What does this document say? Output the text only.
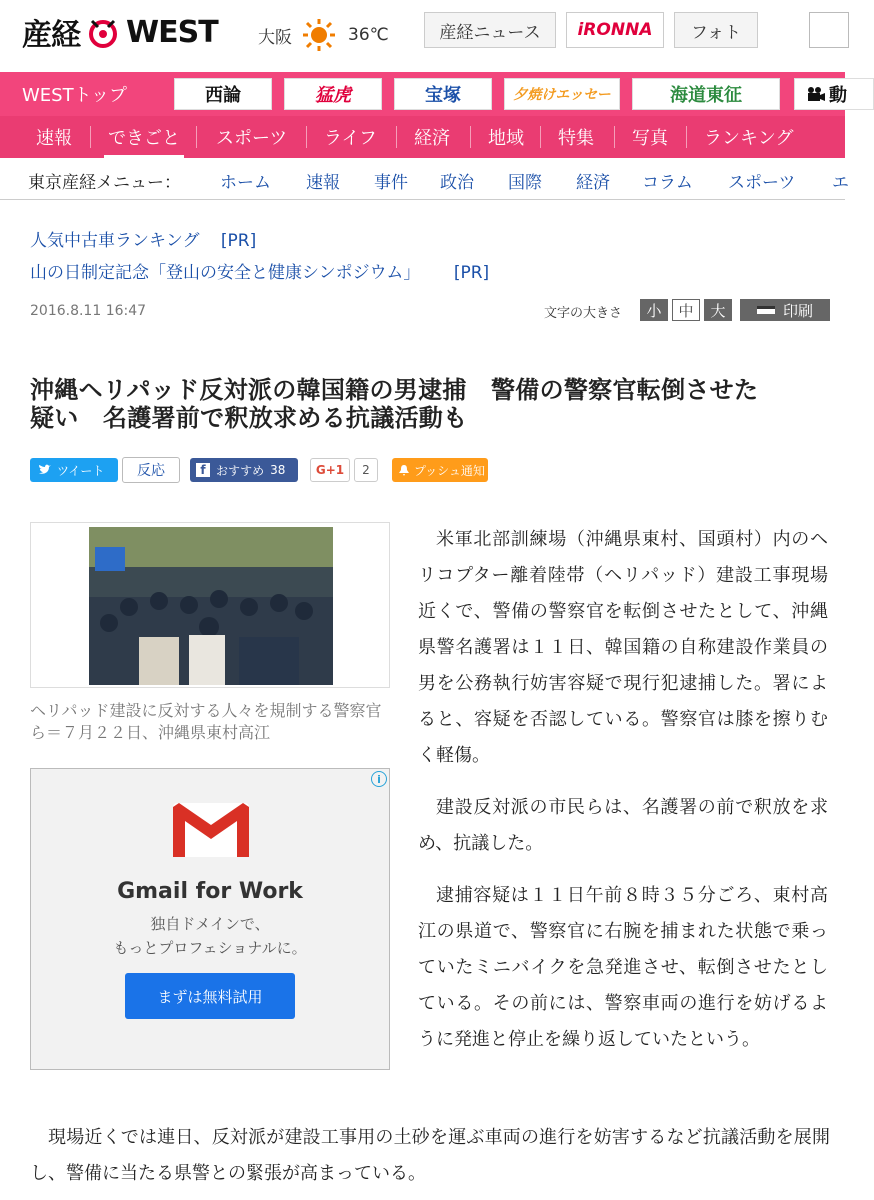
産経 WEST 大阪	36℃	産経ニュース	iRONNA	フォト
WESTトップ	西論	猛虎	宝塚	夕焼けエッセー	海道東征	動
速報 できごと スポーツ ライフ 経済 地域 特集 写真 ランキング
東京産経メニュー： ホーム 速報 事件 政治 国際 経済 コラム スポーツ エ
人気中古車ランキング [PR]
山の日制定記念「登山の安全と健康シンポジウム」 [PR]
2016.8.11 16:47	文字の大きさ	小	中	大	印刷
沖縄ヘリパッド反対派の韓国籍の男逮捕　警備の警察官転倒させた
疑い　名護署前で釈放求める抗議活動も
ツイート	反応	f おすすめ 38	G+1	2	プッシュ通知

ヘリパッド建設に反対する人々を規制する警察官ら＝７月２２日、沖縄県東村高江

i
Gmail for Work
独自ドメインで、
もっとプロフェショナルに。
まずは無料試用

米軍北部訓練場（沖縄県東村、国頭村）内のヘリコプター離着陸帯（ヘリパッド）建設工事現場近くで、警備の警察官を転倒させたとして、沖縄県警名護署は１１日、韓国籍の自称建設作業員の男を公務執行妨害容疑で現行犯逮捕した。署によると、容疑を否認している。警察官は膝を擦りむく軽傷。

建設反対派の市民らは、名護署の前で釈放を求め、抗議した。

逮捕容疑は１１日午前８時３５分ごろ、東村高江の県道で、警察官に右腕を捕まれた状態で乗っていたミニバイクを急発進させ、転倒させたとしている。その前には、警察車両の進行を妨げるように発進と停止を繰り返していたという。

現場近くでは連日、反対派が建設工事用の土砂を運ぶ車両の進行を妨害するなど抗議活動を展開し、警備に当たる県警との緊張が高まっている。
